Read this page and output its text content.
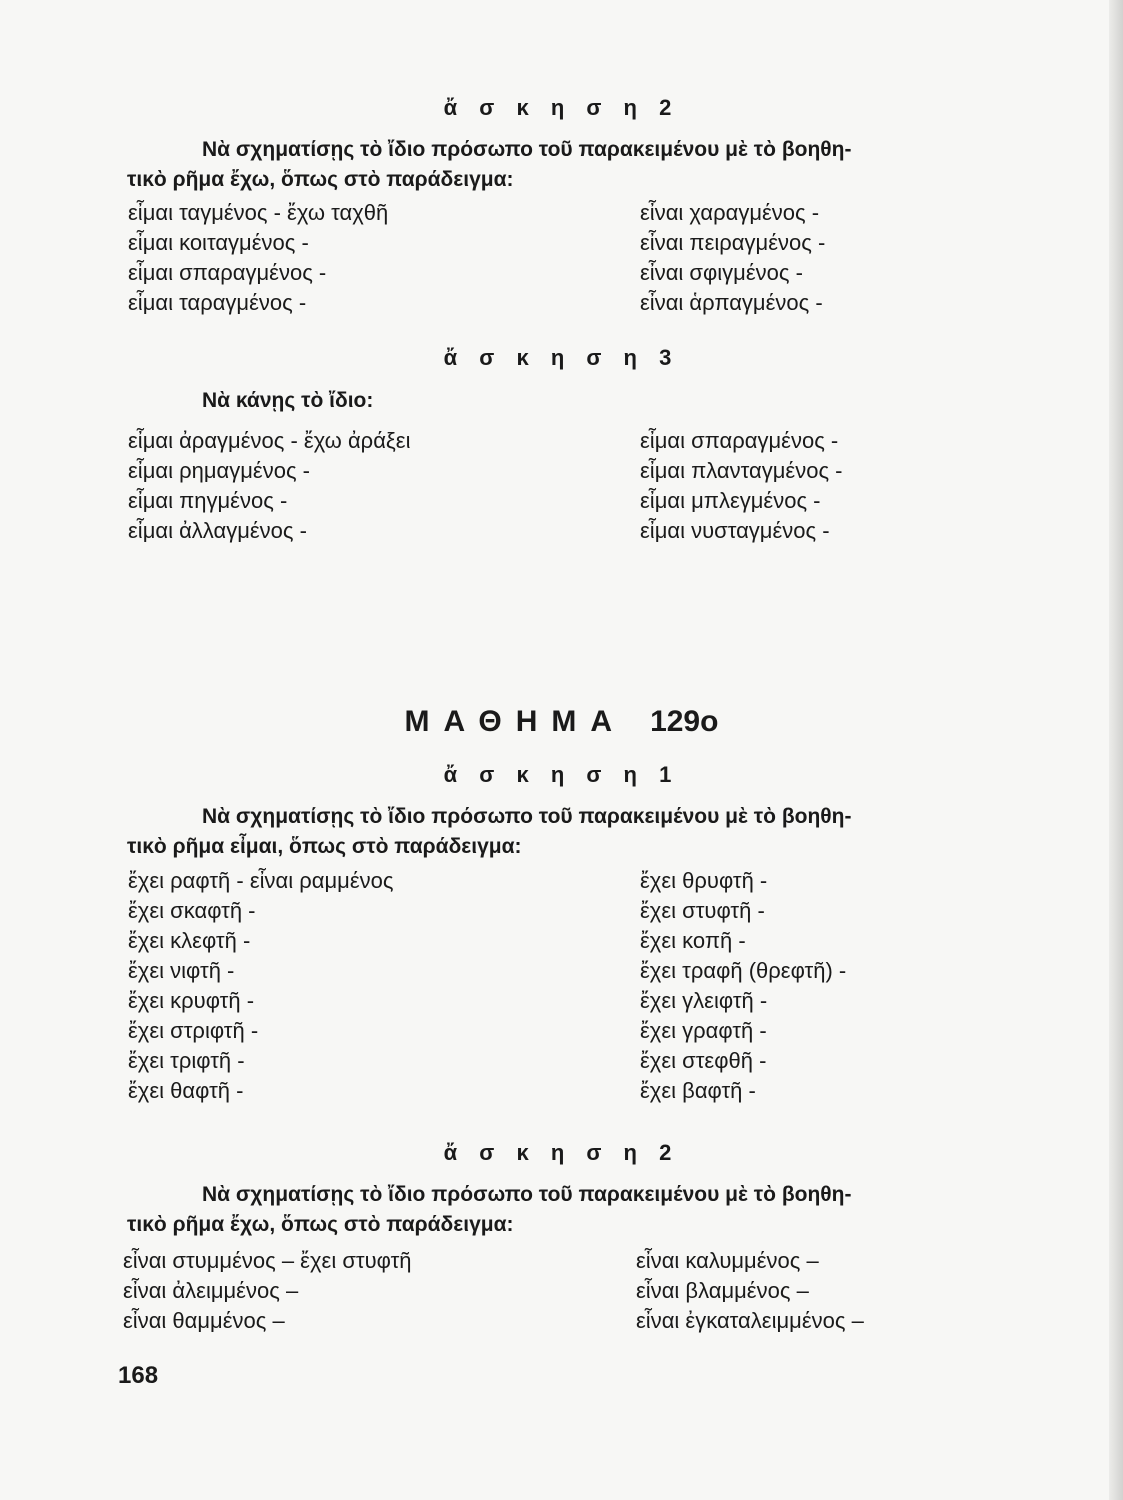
ἄ σ κ η σ η 2
Νὰ σχηματίσῃς τὸ ἴδιο πρόσωπο τοῦ παρακειμένου μὲ τὸ βοηθη-
τικὸ ρῆμα ἔχω, ὅπως στὸ παράδειγμα:
εἶμαι ταγμένος - ἔχω ταχθῆ
εἶμαι κοιταγμένος -
εἶμαι σπαραγμένος -
εἶμαι ταραγμένος -
εἶναι χαραγμένος -
εἶναι πειραγμένος -
εἶναι σφιγμένος -
εἶναι ἁρπαγμένος -
ἄ σ κ η σ η 3
Νὰ κάνῃς τὸ ἴδιο:
εἶμαι ἀραγμένος - ἔχω ἀράξει
εἶμαι ρημαγμένος -
εἶμαι πηγμένος -
εἶμαι ἀλλαγμένος -
εἶμαι σπαραγμένος -
εἶμαι πλανταγμένος -
εἶμαι μπλεγμένος -
εἶμαι νυσταγμένος -
ΜΑΘΗΜΑ 129ο
ἄ σ κ η σ η 1
Νὰ σχηματίσῃς τὸ ἴδιο πρόσωπο τοῦ παρακειμένου μὲ τὸ βοηθη-
τικὸ ρῆμα εἶμαι, ὅπως στὸ παράδειγμα:
ἔχει ραφτῆ - εἶναι ραμμένος
ἔχει σκαφτῆ -
ἔχει κλεφτῆ -
ἔχει νιφτῆ -
ἔχει κρυφτῆ -
ἔχει στριφτῆ -
ἔχει τριφτῆ -
ἔχει θαφτῆ -
ἔχει θρυφτῆ -
ἔχει στυφτῆ -
ἔχει κοπῆ -
ἔχει τραφῆ (θρεφτῆ) -
ἔχει γλειφτῆ -
ἔχει γραφτῆ -
ἔχει στεφθῆ -
ἔχει βαφτῆ -
ἄ σ κ η σ η 2
Νὰ σχηματίσῃς τὸ ἴδιο πρόσωπο τοῦ παρακειμένου μὲ τὸ βοηθη-
τικὸ ρῆμα ἔχω, ὅπως στὸ παράδειγμα:
εἶναι στυμμένος – ἔχει στυφτῆ
εἶναι ἀλειμμένος –
εἶναι θαμμένος –
εἶναι καλυμμένος –
εἶναι βλαμμένος –
εἶναι ἐγκαταλειμμένος –
168
